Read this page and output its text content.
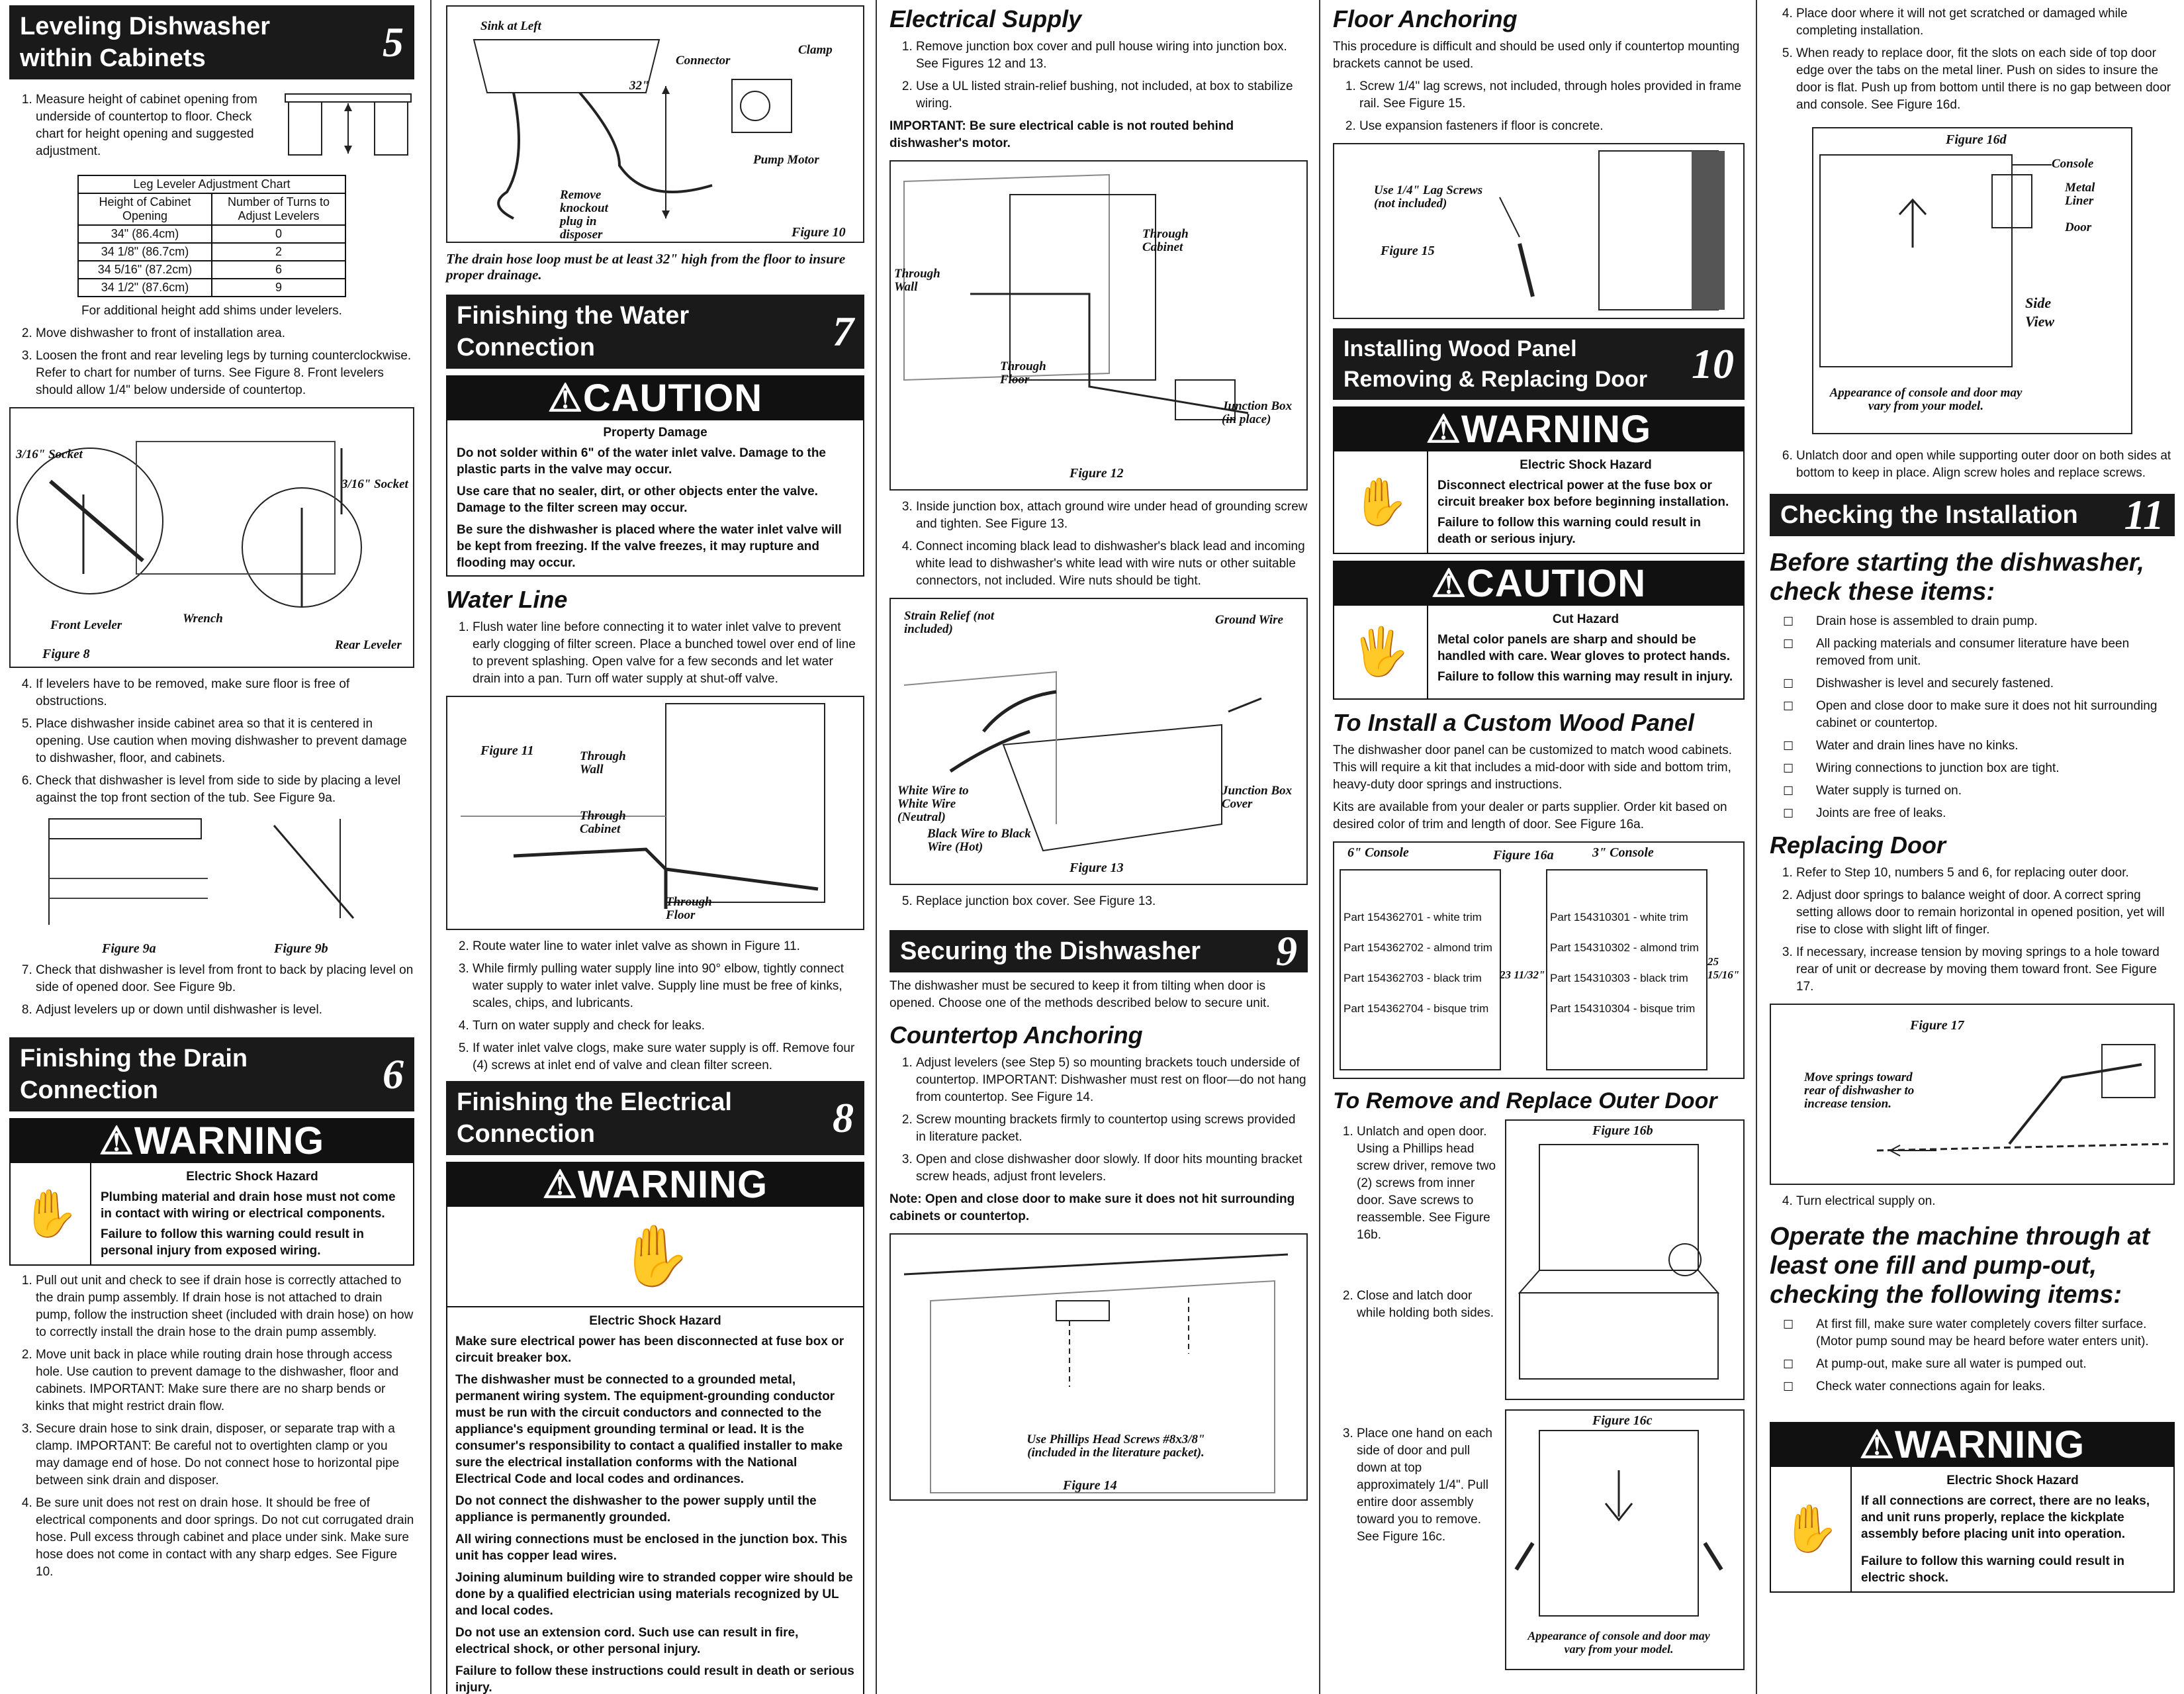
Leveling Dishwasher within Cabinets	5
1. Measure height of cabinet opening from underside of countertop to floor. Check chart for height opening and suggested adjustment.
Leg Leveler Adjustment Chart	
Height of Cabinet Opening	Number of Turns to Adjust Levelers
34" (86.4cm)	0
34 1/8" (86.7cm)	2
34 5/16" (87.2cm)	6
34 1/2" (87.6cm)	9

For additional height add shims under levelers.

2. Move dishwasher to front of installation area.
3. Loosen the front and rear leveling legs by turning counterclockwise. Refer to chart for number of turns. See Figure 8. Front levelers should allow 1/4" below underside of countertop.
3/16" Socket
3/16" Socket
Front Leveler	Wrench
Rear Leveler
Figure 8
4. If levelers have to be removed, make sure floor is free of obstructions.
5. Place dishwasher inside cabinet area so that it is centered in opening. Use caution when moving dishwasher to prevent damage to dishwasher, floor, and cabinets.
6. Check that dishwasher is level from side to side by placing a level against the top front section of the tub. See Figure 9a.
Figure 9a	Figure 9b
7. Check that dishwasher is level from front to back by placing level on side of opened door. See Figure 9b.
8. Adjust levelers up or down until dishwasher is level.
Finishing the Drain Connection	6
⚠WARNING
✋
Electric Shock Hazard
Plumbing material and drain hose must not come in contact with wiring or electrical components.
Failure to follow this warning could result in personal injury from exposed wiring.
1. Pull out unit and check to see if drain hose is correctly attached to the drain pump assembly. If drain hose is not attached to drain pump, follow the instruction sheet (included with drain hose) on how to correctly install the drain hose to the drain pump assembly.
2. Move unit back in place while routing drain hose through access hole. Use caution to prevent damage to the dishwasher, floor and cabinets. IMPORTANT: Make sure there are no sharp bends or kinks that might restrict drain flow.
3. Secure drain hose to sink drain, disposer, or separate trap with a clamp. IMPORTANT: Be careful not to overtighten clamp or you may damage end of hose. Do not connect hose to horizontal pipe between sink drain and disposer.
4. Be sure unit does not rest on drain hose. It should be free of electrical components and door springs. Do not cut corrugated drain hose. Pull excess through cabinet and place under sink. Make sure hose does not come in contact with any sharp edges. See Figure 10.
Sink at Left
Connector
Clamp
32"
Pump Motor
Remove knockout plug in disposer	Figure 10
The drain hose loop must be at least 32" high from the floor to insure proper drainage.
Finishing the Water Connection	7
⚠CAUTION
Property Damage
Do not solder within 6" of the water inlet valve. Damage to the plastic parts in the valve may occur.
Use care that no sealer, dirt, or other objects enter the valve. Damage to the filter screen may occur.
Be sure the dishwasher is placed where the water inlet valve will be kept from freezing. If the valve freezes, it may rupture and flooding may occur.
Water Line
1. Flush water line before connecting it to water inlet valve to prevent early clogging of filter screen. Place a bunched towel over end of line to prevent splashing. Open valve for a few seconds and let water drain into a pan. Turn off water supply at shut-off valve.
Figure 11	Through Wall
Through Cabinet
Through Floor
2. Route water line to water inlet valve as shown in Figure 11.
3. While firmly pulling water supply line into 90° elbow, tightly connect water supply to water inlet valve. Supply line must be free of kinks, scales, chips, and lubricants.
4. Turn on water supply and check for leaks.
5. If water inlet valve clogs, make sure water supply is off. Remove four (4) screws at inlet end of valve and clean filter screen.
Finishing the Electrical Connection	8
⚠WARNING
✋
Electric Shock Hazard
Make sure electrical power has been disconnected at fuse box or circuit breaker box.
The dishwasher must be connected to a grounded metal, permanent wiring system. The equipment-grounding conductor must be run with the circuit conductors and connected to the appliance's equipment grounding terminal or lead. It is the consumer's responsibility to contact a qualified installer to make sure the electrical installation conforms with the National Electrical Code and local codes and ordinances.
Do not connect the dishwasher to the power supply until the appliance is permanently grounded.
All wiring connections must be enclosed in the junction box. This unit has copper lead wires.
Joining aluminum building wire to stranded copper wire should be done by a qualified electrician using materials recognized by UL and local codes.
Do not use an extension cord. Such use can result in fire, electrical shock, or other personal injury.
Failure to follow these instructions could result in death or serious injury.
Electrical Supply
1. Remove junction box cover and pull house wiring into junction box. See Figures 12 and 13.
2. Use a UL listed strain-relief bushing, not included, at box to stabilize wiring.

IMPORTANT: Be sure electrical cable is not routed behind dishwasher's motor.

Through Cabinet
Through Wall
Through Floor
Junction Box (in place)
Figure 12
3. Inside junction box, attach ground wire under head of grounding screw and tighten. See Figure 13.
4. Connect incoming black lead to dishwasher's black lead and incoming white lead to dishwasher's white lead with wire nuts or other suitable connectors, not included. Wire nuts should be tight.
Strain Relief (not included)
Ground Wire
White Wire to White Wire (Neutral)
Black Wire to Black Wire (Hot)
Junction Box Cover
Figure 13
5. Replace junction box cover. See Figure 13.
Securing the Dishwasher 9

The dishwasher must be secured to keep it from tilting when door is opened. Choose one of the methods described below to secure unit.

Countertop Anchoring
1. Adjust levelers (see Step 5) so mounting brackets touch underside of countertop. IMPORTANT: Dishwasher must rest on floor—do not hang from countertop. See Figure 14.
2. Screw mounting brackets firmly to countertop using screws provided in literature packet.
3. Open and close dishwasher door slowly. If door hits mounting bracket screw heads, adjust front levelers.

Note: Open and close door to make sure it does not hit surrounding cabinets or countertop.

Use Phillips Head Screws #8x3/8" (included in the literature packet).
Figure 14
Floor Anchoring

This procedure is difficult and should be used only if countertop mounting brackets cannot be used.

1. Screw 1/4" lag screws, not included, through holes provided in frame rail. See Figure 15.
2. Use expansion fasteners if floor is concrete.
Use 1/4" Lag Screws (not included)
Figure 15
Installing Wood Panel Removing & Replacing Door	10
⚠WARNING
✋
Electric Shock Hazard
Disconnect electrical power at the fuse box or circuit breaker box before beginning installation.
Failure to follow this warning could result in death or serious injury.
⚠CAUTION
🖐
Cut Hazard
Metal color panels are sharp and should be handled with care. Wear gloves to protect hands.
Failure to follow this warning may result in injury.
To Install a Custom Wood Panel

The dishwasher door panel can be customized to match wood cabinets. This will require a kit that includes a mid-door with side and bottom trim, heavy-duty door springs and instructions.

Kits are available from your dealer or parts supplier. Order kit based on desired color of trim and length of door. See Figure 16a.

6" Console	Figure 16a	3" Console
Part 154362701 - white trim
Part 154362702 - almond trim
Part 154362703 - black trim
Part 154362704 - bisque trim
23 11/32"
Part 154310301 - white trim
Part 154310302 - almond trim
Part 154310303 - black trim
Part 154310304 - bisque trim
25 15/16"
To Remove and Replace Outer Door
1. Unlatch and open door. Using a Phillips head screw driver, remove two (2) screws from inner door. Save screws to reassemble. See Figure 16b.
2. Close and latch door while holding both sides.
3. Place one hand on each side of door and pull down at top approximately 1/4". Pull entire door assembly toward you to remove. See Figure 16c.
Figure 16b
Figure 16c
Appearance of console and door may vary from your model.
4. Place door where it will not get scratched or damaged while completing installation.
5. When ready to replace door, fit the slots on each side of top door edge over the tabs on the metal liner. Push on sides to insure the door is flat. Push up from bottom until there is no gap between door and console. See Figure 16d.
Figure 16d
Console
Metal Liner
Door
Side View
Appearance of console and door may vary from your model.
6. Unlatch door and open while supporting outer door on both sides at bottom to keep in place. Align screw holes and replace screws.
Checking the Installation 11
Before starting the dishwasher, check these items:
☐ Drain hose is assembled to drain pump.
☐ All packing materials and consumer literature have been removed from unit.
☐ Dishwasher is level and securely fastened.
☐ Open and close door to make sure it does not hit surrounding cabinet or countertop.
☐ Water and drain lines have no kinks.
☐ Wiring connections to junction box are tight.
☐ Water supply is turned on.
☐ Joints are free of leaks.
Replacing Door
1. Refer to Step 10, numbers 5 and 6, for replacing outer door.
2. Adjust door springs to balance weight of door. A correct spring setting allows door to remain horizontal in opened position, yet will rise to close with slight lift of finger.
3. If necessary, increase tension by moving springs to a hole toward rear of unit or decrease by moving them toward front. See Figure 17.
Figure 17
Move springs toward rear of dishwasher to increase tension.
4. Turn electrical supply on.
Operate the machine through at least one fill and pump-out, checking the following items:
☐ At first fill, make sure water completely covers filter surface. (Motor pump sound may be heard before water enters unit).
☐ At pump-out, make sure all water is pumped out.
☐ Check water connections again for leaks.
⚠WARNING
✋
Electric Shock Hazard
If all connections are correct, there are no leaks, and unit runs properly, replace the kickplate assembly before placing unit into operation.
Failure to follow this warning could result in electric shock.
